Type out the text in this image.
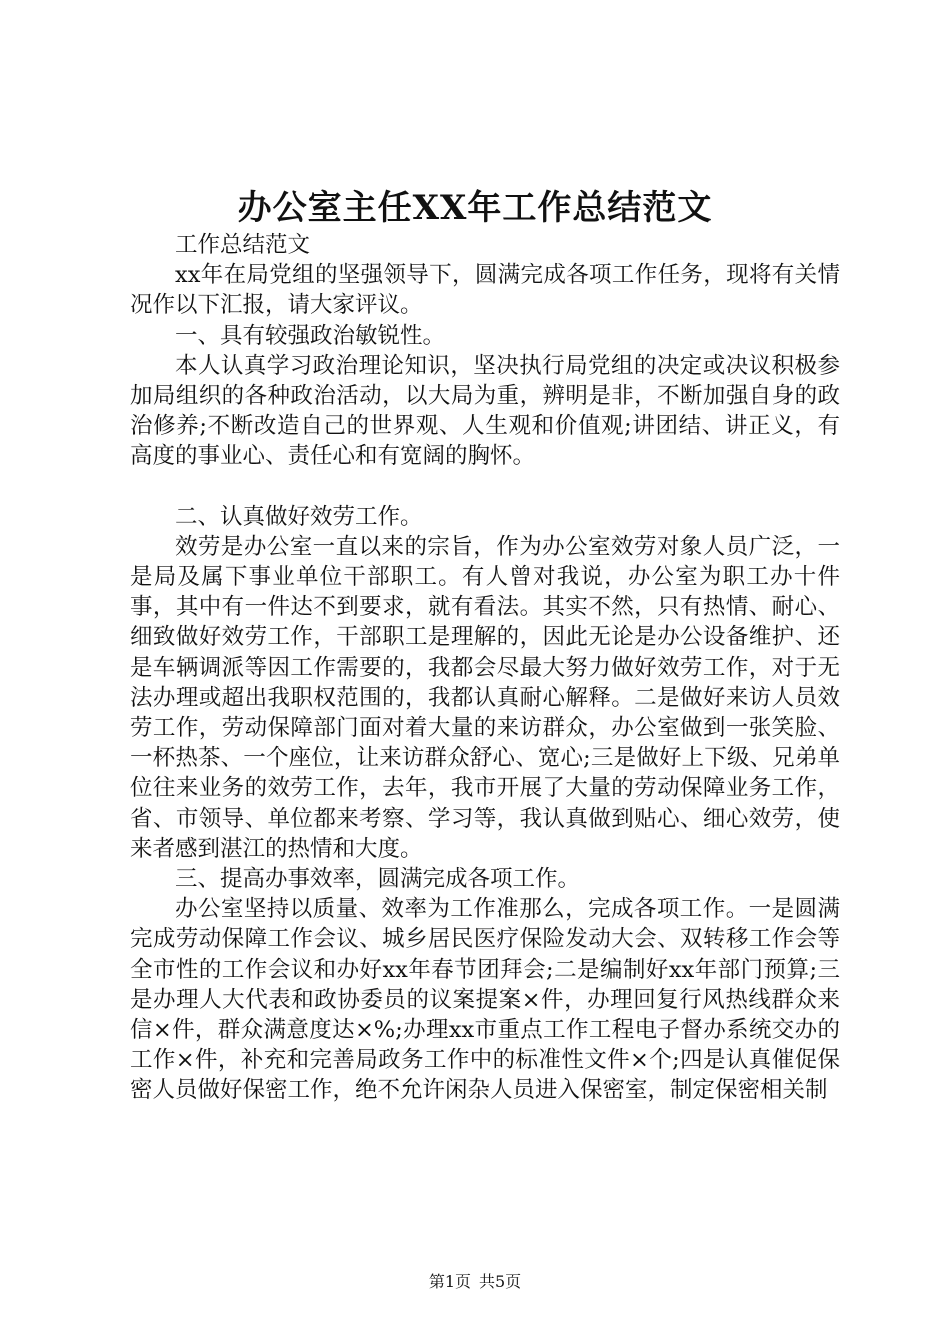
办公室主任XX年工作总结范文

工作总结范文

xx年在局党组的坚强领导下，圆满完成各项工作任务，现将有关情况作以下汇报，请大家评议。

一、具有较强政治敏锐性。

本人认真学习政治理论知识，坚决执行局党组的决定或决议积极参加局组织的各种政治活动，以大局为重，辨明是非，不断加强自身的政治修养;不断改造自己的世界观、人生观和价值观;讲团结、讲正义，有高度的事业心、责任心和有宽阔的胸怀。

二、认真做好效劳工作。

效劳是办公室一直以来的宗旨，作为办公室效劳对象人员广泛，一是局及属下事业单位干部职工。有人曾对我说，办公室为职工办十件事，其中有一件达不到要求，就有看法。其实不然，只有热情、耐心、细致做好效劳工作，干部职工是理解的，因此无论是办公设备维护、还是车辆调派等因工作需要的，我都会尽最大努力做好效劳工作，对于无法办理或超出我职权范围的，我都认真耐心解释。二是做好来访人员效劳工作，劳动保障部门面对着大量的来访群众，办公室做到一张笑脸、一杯热茶、一个座位，让来访群众舒心、宽心;三是做好上下级、兄弟单位往来业务的效劳工作，去年，我市开展了大量的劳动保障业务工作，省、市领导、单位都来考察、学习等，我认真做到贴心、细心效劳，使来者感到湛江的热情和大度。

三、提高办事效率，圆满完成各项工作。

办公室坚持以质量、效率为工作准那么，完成各项工作。一是圆满完成劳动保障工作会议、城乡居民医疗保险发动大会、双转移工作会等全市性的工作会议和办好xx年春节团拜会;二是编制好xx年部门预算;三是办理人大代表和政协委员的议案提案×件，办理回复行风热线群众来信×件，群众满意度达×%;办理xx市重点工作工程电子督办系统交办的工作×件，补充和完善局政务工作中的标准性文件×个;四是认真催促保密人员做好保密工作，绝不允许闲杂人员进入保密室，制定保密相关制

第1页 共5页
